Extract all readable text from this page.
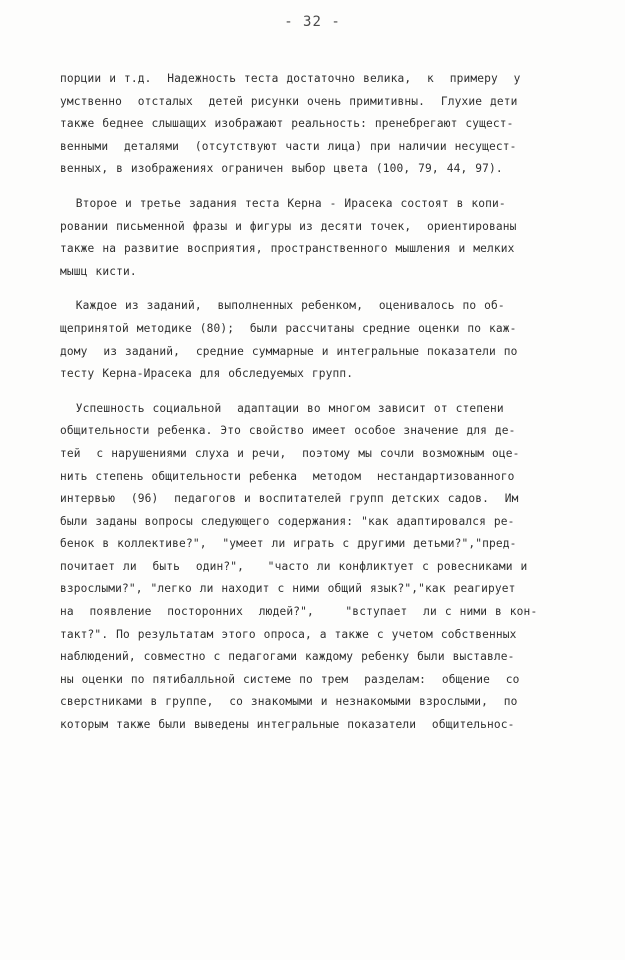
- 32 -
порции и т.д.  Надежность теста достаточно велика,  к  примеру  у
умственно  отсталых  детей рисунки очень примитивны.  Глухие дети
также беднее слышащих изображают реальность: пренебрегают сущест-
венными  деталями  (отсутствуют части лица) при наличии несущест-
венных, в изображениях ограничен выбор цвета (100, 79, 44, 97).
Второе и третье задания теста Керна - Ирасека состоят в копи-
ровании письменной фразы и фигуры из десяти точек,  ориентированы
также на развитие восприятия, пространственного мышления и мелких
мышц кисти.
Каждое из заданий,  выполненных ребенком,  оценивалось по об-
щепринятой методике (80);  были рассчитаны средние оценки по каж-
дому  из заданий,  средние суммарные и интегральные показатели по
тесту Керна-Ирасека для обследуемых групп.
Успешность социальной  адаптации во многом зависит от степени
общительности ребенка. Это свойство имеет особое значение для де-
тей  с нарушениями слуха и речи,  поэтому мы сочли возможным оце-
нить степень общительности ребенка  методом  нестандартизованного
интервью  (96)  педагогов и воспитателей групп детских садов.  Им
были заданы вопросы следующего содержания: "как адаптировался ре-
бенок в коллективе?",  "умеет ли играть с другими детьми?","пред-
почитает ли  быть  один?",   "часто ли конфликтует с ровесниками и
взрослыми?", "легко ли находит с ними общий язык?","как реагирует
на  появление  посторонних  людей?",    "вступает  ли с ними в кон-
такт?". По результатам этого опроса, а также с учетом собственных
наблюдений, совместно с педагогами каждому ребенку были выставле-
ны оценки по пятибалльной системе по трем  разделам:  общение  со
сверстниками в группе,  со знакомыми и незнакомыми взрослыми,  по
которым также были выведены интегральные показатели  общительнос-
